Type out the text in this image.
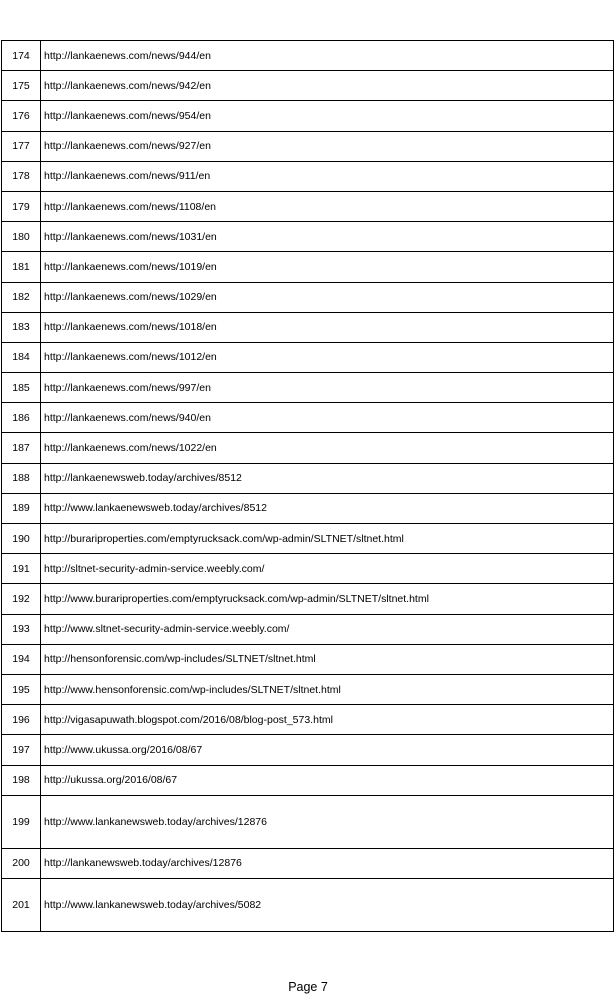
174	http://lankaenews.com/news/944/en
175	http://lankaenews.com/news/942/en
176	http://lankaenews.com/news/954/en
177	http://lankaenews.com/news/927/en
178	http://lankaenews.com/news/911/en
179	http://lankaenews.com/news/1108/en
180	http://lankaenews.com/news/1031/en
181	http://lankaenews.com/news/1019/en
182	http://lankaenews.com/news/1029/en
183	http://lankaenews.com/news/1018/en
184	http://lankaenews.com/news/1012/en
185	http://lankaenews.com/news/997/en
186	http://lankaenews.com/news/940/en
187	http://lankaenews.com/news/1022/en
188	http://lankaenewsweb.today/archives/8512
189	http://www.lankaenewsweb.today/archives/8512
190	http://burariproperties.com/emptyrucksack.com/wp-admin/SLTNET/sltnet.html
191	http://sltnet-security-admin-service.weebly.com/
192	http://www.burariproperties.com/emptyrucksack.com/wp-admin/SLTNET/sltnet.html
193	http://www.sltnet-security-admin-service.weebly.com/
194	http://hensonforensic.com/wp-includes/SLTNET/sltnet.html
195	http://www.hensonforensic.com/wp-includes/SLTNET/sltnet.html
196	http://vigasapuwath.blogspot.com/2016/08/blog-post_573.html
197	http://www.ukussa.org/2016/08/67
198	http://ukussa.org/2016/08/67
199	http://www.lankanewsweb.today/archives/12876
200	http://lankanewsweb.today/archives/12876
201	http://www.lankanewsweb.today/archives/5082
Page 7
